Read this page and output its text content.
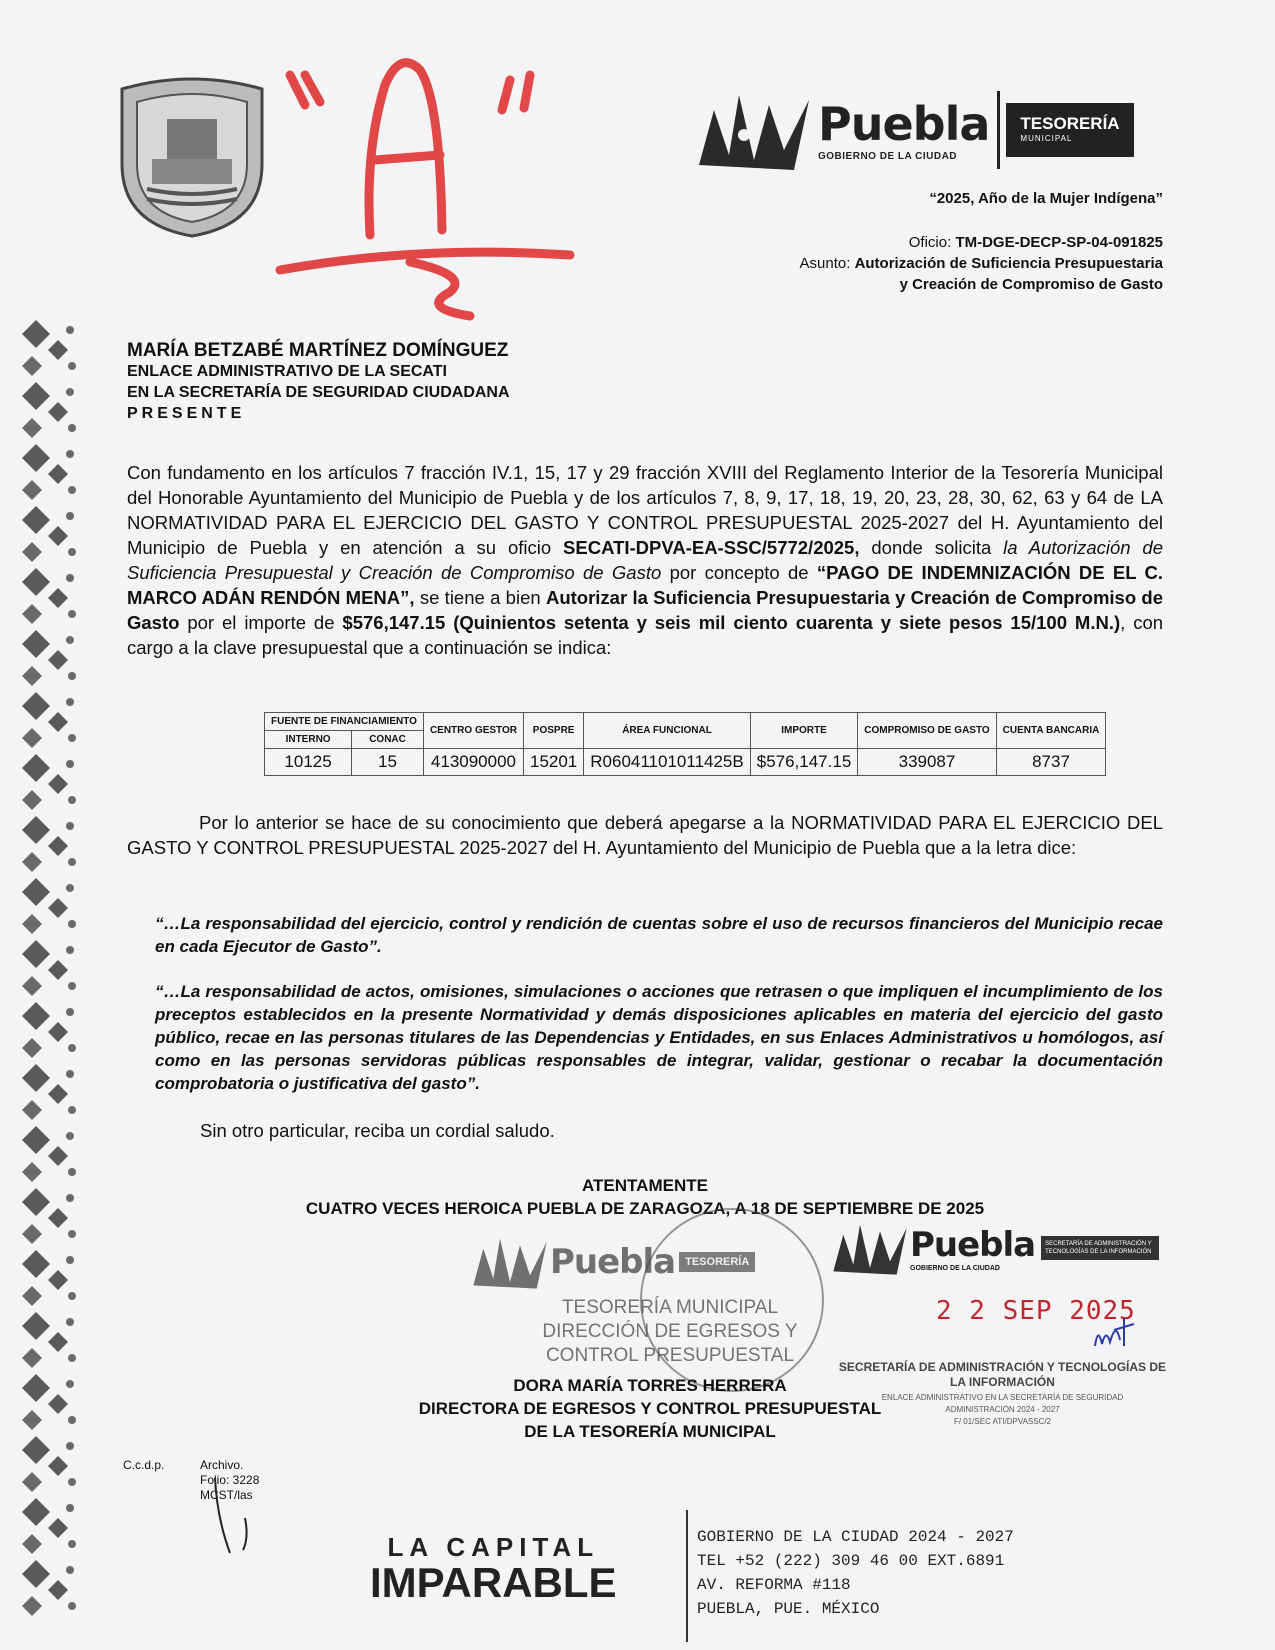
Puebla
GOBIERNO DE LA CIUDAD
TESORERÍA
MUNICIPAL
“2025, Año de la Mujer Indígena”
Oficio: TM-DGE-DECP-SP-04-091825
Asunto: Autorización de Suficiencia Presupuestaria
y Creación de Compromiso de Gasto
MARÍA BETZABÉ MARTÍNEZ DOMÍNGUEZ
ENLACE ADMINISTRATIVO DE LA SECATI
EN LA SECRETARÍA DE SEGURIDAD CIUDADANA
PRESENTE
Con fundamento en los artículos 7 fracción IV.1, 15, 17 y 29 fracción XVIII del Reglamento Interior de la Tesorería Municipal del Honorable Ayuntamiento del Municipio de Puebla y de los artículos 7, 8, 9, 17, 18, 19, 20, 23, 28, 30, 62, 63 y 64 de LA NORMATIVIDAD PARA EL EJERCICIO DEL GASTO Y CONTROL PRESUPUESTAL 2025-2027 del H. Ayuntamiento del Municipio de Puebla y en atención a su oficio SECATI-DPVA-EA-SSC/5772/2025, donde solicita la Autorización de Suficiencia Presupuestal y Creación de Compromiso de Gasto por concepto de “PAGO DE INDEMNIZACIÓN DE EL C. MARCO ADÁN RENDÓN MENA”, se tiene a bien Autorizar la Suficiencia Presupuestaria y Creación de Compromiso de Gasto por el importe de $576,147.15 (Quinientos setenta y seis mil ciento cuarenta y siete pesos 15/100 M.N.), con cargo a la clave presupuestal que a continuación se indica:
FUENTE DE FINANCIAMIENTO		CENTRO GESTOR	POSPRE	ÁREA FUNCIONAL	IMPORTE	COMPROMISO DE GASTO	CUENTA BANCARIA
INTERNO	CONAC						
10125	15	413090000	15201	R06041101011425B	$576,147.15	339087	8737
Por lo anterior se hace de su conocimiento que deberá apegarse a la NORMATIVIDAD PARA EL EJERCICIO DEL GASTO Y CONTROL PRESUPUESTAL 2025-2027 del H. Ayuntamiento del Municipio de Puebla que a la letra dice:
“…La responsabilidad del ejercicio, control y rendición de cuentas sobre el uso de recursos financieros del Municipio recae en cada Ejecutor de Gasto”.
“…La responsabilidad de actos, omisiones, simulaciones o acciones que retrasen o que impliquen el incumplimiento de los preceptos establecidos en la presente Normatividad y demás disposiciones aplicables en materia del ejercicio del gasto público, recae en las personas titulares de las Dependencias y Entidades, en sus Enlaces Administrativos u homólogos, así como en las personas servidoras públicas responsables de integrar, validar, gestionar o recabar la documentación comprobatoria o justificativa del gasto”.
Sin otro particular, reciba un cordial saludo.
ATENTAMENTE
CUATRO VECES HEROICA PUEBLA DE ZARAGOZA, A 18 DE SEPTIEMBRE DE 2025
Puebla TESORERÍA
TESORERÍA MUNICIPAL
DIRECCIÓN DE EGRESOS Y
CONTROL PRESUPUESTAL
Puebla
GOBIERNO DE LA CIUDAD
SECRETARÍA DE ADMINISTRACIÓN Y TECNOLOGÍAS DE LA INFORMACIÓN
2 2 SEP 2025
SECRETARÍA DE ADMINISTRACIÓN Y TECNOLOGÍAS DE LA INFORMACIÓN
ENLACE ADMINISTRATIVO EN LA SECRETARÍA DE SEGURIDAD
ADMINISTRACIÓN 2024 - 2027
F/ 01/SEC ATI/DPVASSC/2
DORA MARÍA TORRES HERRERA
DIRECTORA DE EGRESOS Y CONTROL PRESUPUESTAL
DE LA TESORERÍA MUNICIPAL
C.c.d.p.	Archivo.
Folio: 3228
MCST/las
LA CAPITAL
IMPARABLE
GOBIERNO DE LA CIUDAD 2024 - 2027
TEL +52 (222) 309 46 00 EXT.6891
AV. REFORMA #118
PUEBLA, PUE. MÉXICO
